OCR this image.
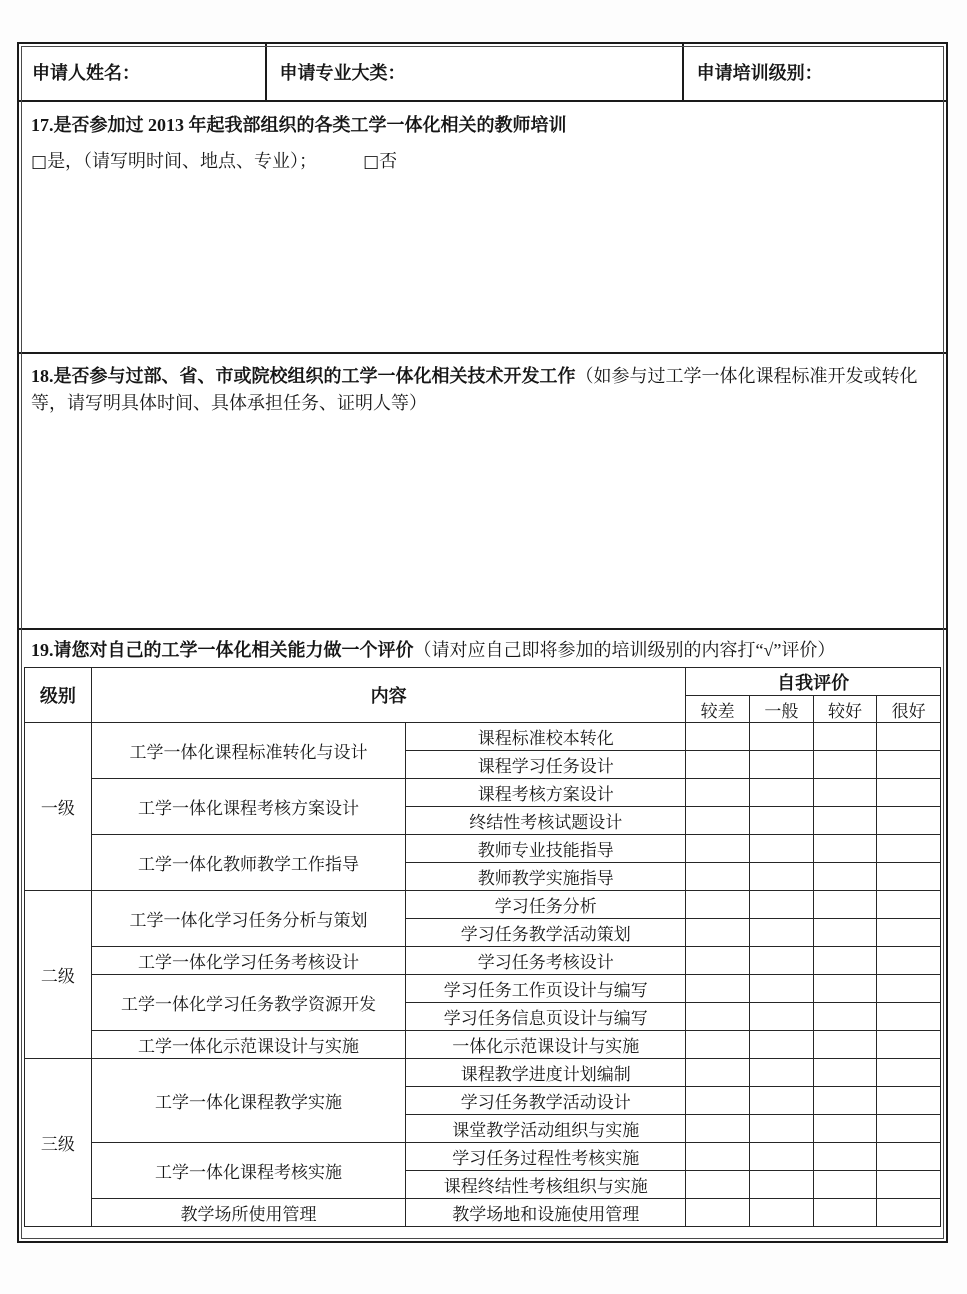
申请人姓名：	申请专业大类：	申请培训级别：
17.是否参加过 2013 年起我部组织的各类工学一体化相关的教师培训
□是，（请写明时间、地点、专业）；	□否
18.是否参与过部、省、市或院校组织的工学一体化相关技术开发工作（如参与过工学一体化课程标准开发或转化等，请写明具体时间、具体承担任务、证明人等）
19.请您对自己的工学一体化相关能力做一个评价（请对应自己即将参加的培训级别的内容打“√”评价）
级别	内容		自我评价			
			较差	一般	较好	很好
一级	工学一体化课程标准转化与设计	课程标准校本转化				
		课程学习任务设计				
	工学一体化课程考核方案设计	课程考核方案设计				
		终结性考核试题设计				
	工学一体化教师教学工作指导	教师专业技能指导				
		教师教学实施指导				
二级	工学一体化学习任务分析与策划	学习任务分析				
		学习任务教学活动策划				
	工学一体化学习任务考核设计	学习任务考核设计				
	工学一体化学习任务教学资源开发	学习任务工作页设计与编写				
		学习任务信息页设计与编写				
	工学一体化示范课设计与实施	一体化示范课设计与实施				
三级	工学一体化课程教学实施	课程教学进度计划编制				
		学习任务教学活动设计				
		课堂教学活动组织与实施				
	工学一体化课程考核实施	学习任务过程性考核实施				
		课程终结性考核组织与实施				
	教学场所使用管理	教学场地和设施使用管理				
